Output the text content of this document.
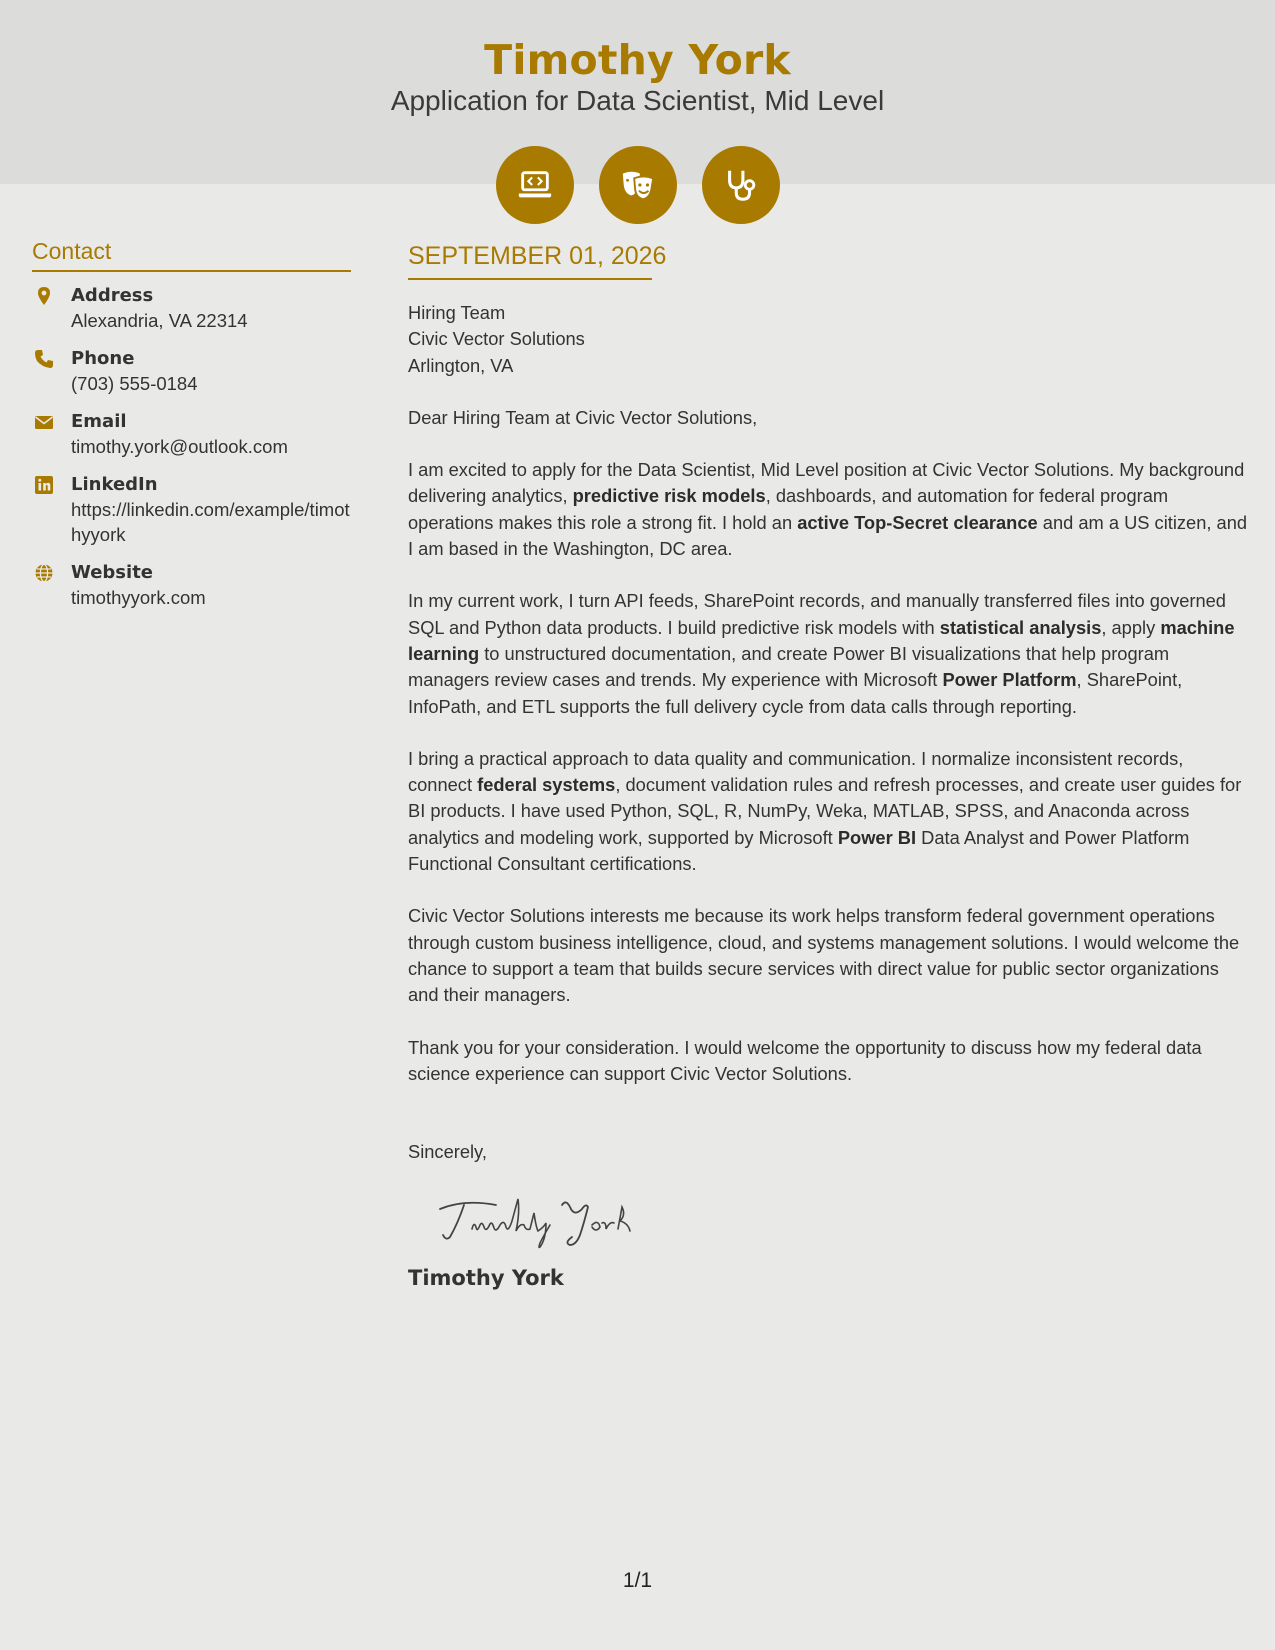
Timothy York
Application for Data Scientist, Mid Level
Contact
Address
Alexandria, VA 22314
Phone
(703) 555-0184
Email
timothy.york@outlook.com
LinkedIn
https://linkedin.com/example/timothyyork
Website
timothyyork.com
SEPTEMBER 01, 2026

Hiring Team
Civic Vector Solutions
Arlington, VA

Dear Hiring Team at Civic Vector Solutions,

I am excited to apply for the Data Scientist, Mid Level position at Civic Vector Solutions. My background delivering analytics, predictive risk models, dashboards, and automation for federal program operations makes this role a strong fit. I hold an active Top-Secret clearance and am a US citizen, and I am based in the Washington, DC area.

In my current work, I turn API feeds, SharePoint records, and manually transferred files into governed SQL and Python data products. I build predictive risk models with statistical analysis, apply machine learning to unstructured documentation, and create Power BI visualizations that help program managers review cases and trends. My experience with Microsoft Power Platform, SharePoint, InfoPath, and ETL supports the full delivery cycle from data calls through reporting.

I bring a practical approach to data quality and communication. I normalize inconsistent records, connect federal systems, document validation rules and refresh processes, and create user guides for BI products. I have used Python, SQL, R, NumPy, Weka, MATLAB, SPSS, and Anaconda across analytics and modeling work, supported by Microsoft Power BI Data Analyst and Power Platform Functional Consultant certifications.

Civic Vector Solutions interests me because its work helps transform federal government operations through custom business intelligence, cloud, and systems management solutions. I would welcome the chance to support a team that builds secure services with direct value for public sector organizations and their managers.

Thank you for your consideration. I would welcome the opportunity to discuss how my federal data science experience can support Civic Vector Solutions.

Sincerely,

Timothy York
1/1
